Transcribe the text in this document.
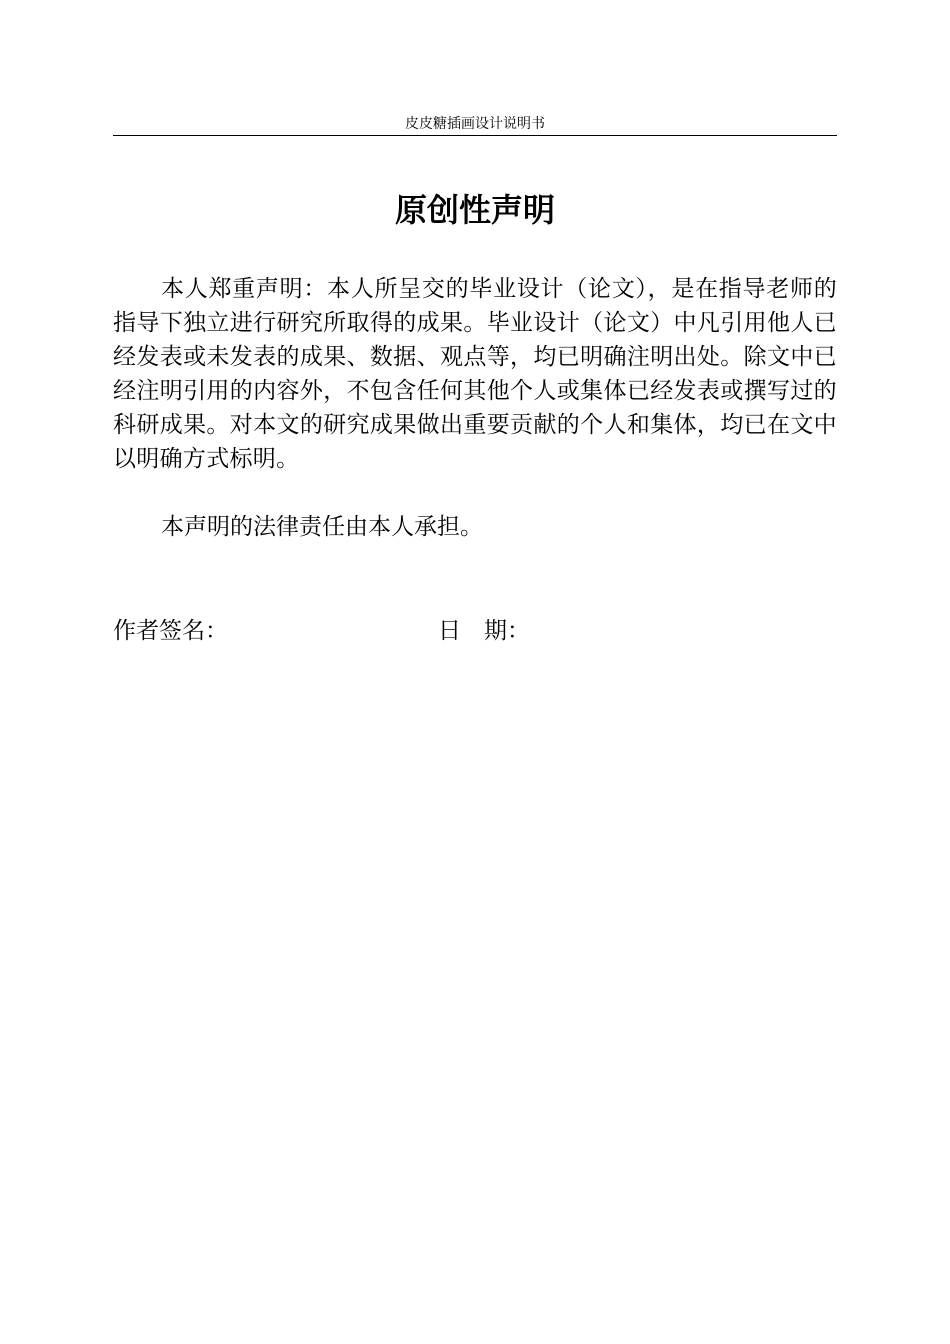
皮皮糖插画设计说明书
原创性声明

本人郑重声明：本人所呈交的毕业设计（论文），是在指导老师的指导下独立进行研究所取得的成果。毕业设计（论文）中凡引用他人已经发表或未发表的成果、数据、观点等，均已明确注明出处。除文中已经注明引用的内容外，不包含任何其他个人或集体已经发表或撰写过的科研成果。对本文的研究成果做出重要贡献的个人和集体，均已在文中以明确方式标明。

本声明的法律责任由本人承担。

作者签名：	日　期：
